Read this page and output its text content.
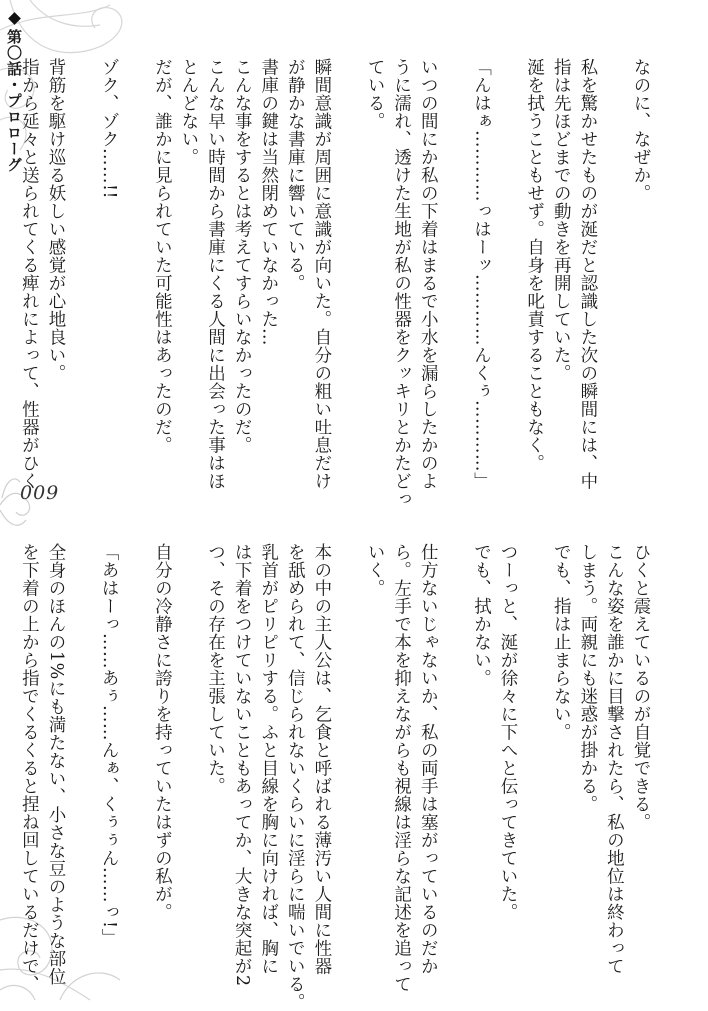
第〇話・プロローグ
009
なのに、なぜか。
私を驚かせたものが涎だと認識した次の瞬間には、中
指は先ほどまでの動きを再開していた。
涎を拭うこともせず。自身を叱責することもなく。
「んはぁ…………っはーッ…………んくぅ…………」
いつの間にか私の下着はまるで小水を漏らしたかのよ
うに濡れ、透けた生地が私の性器をクッキリとかたどっ
ている。
瞬間意識が周囲に意識が向いた。自分の粗い吐息だけ
が静かな書庫に響いている。
書庫の鍵は当然閉めていなかった…
こんな事をするとは考えてすらいなかったのだ。
こんな早い時間から書庫にくる人間に出会った事はほ
とんどない。
だが、誰かに見られていた可能性はあったのだ。
ゾク、ゾク……!!
背筋を駆け巡る妖しい感覚が心地良い。
指から延々と送られてくる痺れによって、性器がひく
ひくと震えているのが自覚できる。
こんな姿を誰かに目撃されたら、私の地位は終わって
しまう。両親にも迷惑が掛かる。
でも、指は止まらない。
つーっと、涎が徐々に下へと伝ってきていた。
でも、拭かない。
仕方ないじゃないか、私の両手は塞がっているのだか
ら。左手で本を抑えながらも視線は淫らな記述を追って
いく。
本の中の主人公は、乞食と呼ばれる薄汚い人間に性器
を舐められて、信じられないくらいに淫らに喘いでいる。
乳首がピリピリする。ふと目線を胸に向ければ、胸に
は下着をつけていないこともあってか、大きな突起が2
つ、その存在を主張していた。
自分の冷静さに誇りを持っていたはずの私が。
「あはーっ……あぅ……んぁ、くぅぅん……っ!」
全身のほんの1%にも満たない、小さな豆のような部位
を下着の上から指でくるくると捏ね回しているだけで、
